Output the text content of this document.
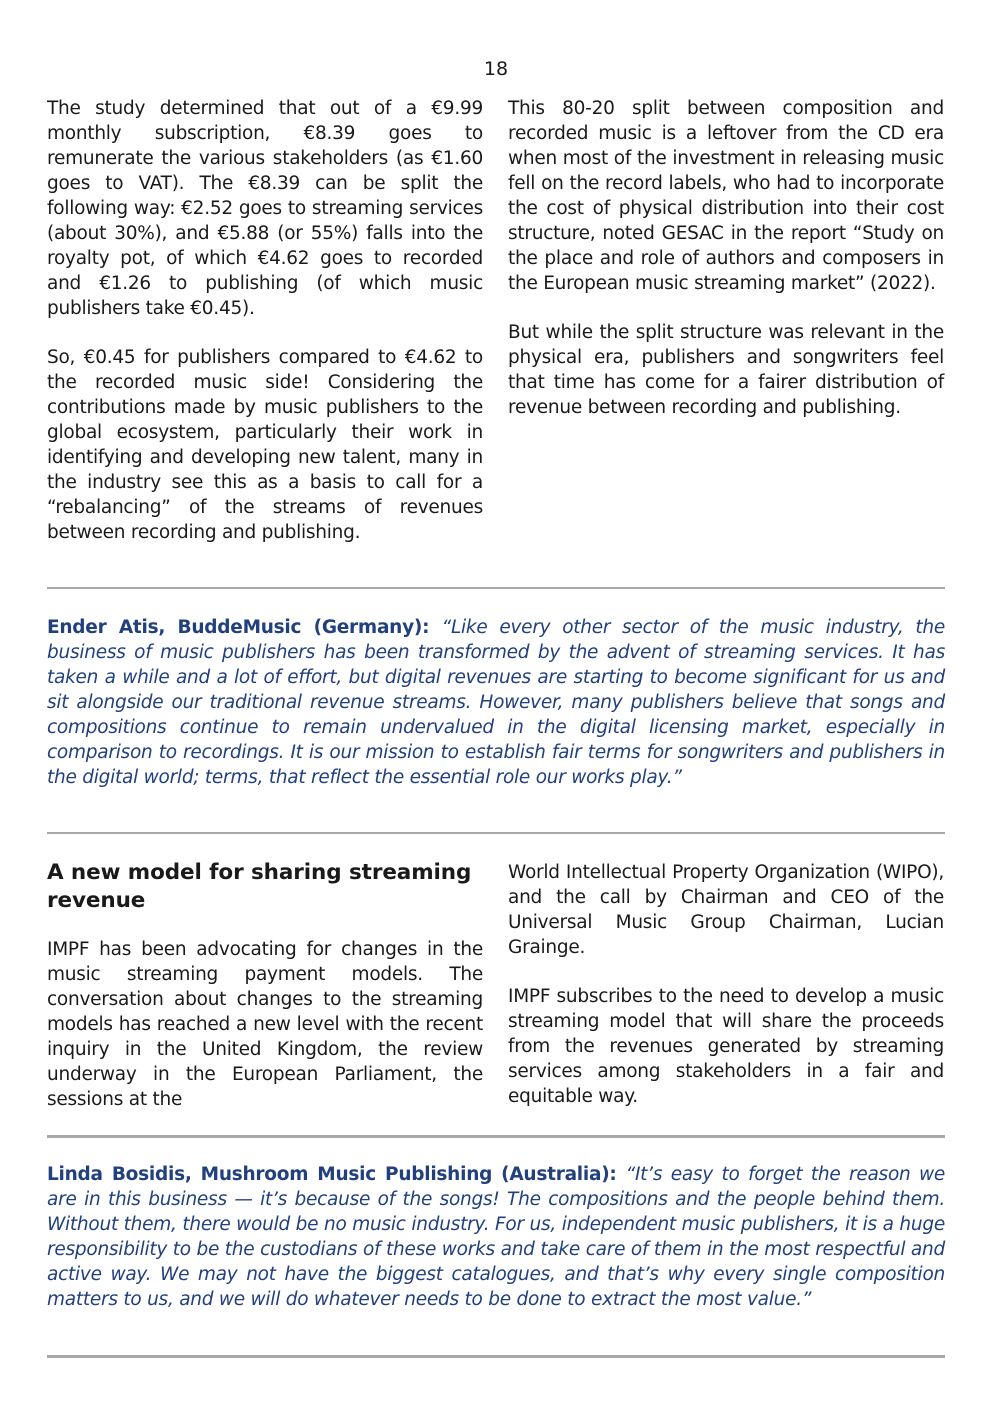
18

The study determined that out of a €9.99 monthly subscription, €8.39 goes to remunerate the various stakeholders (as €1.60 goes to VAT). The €8.39 can be split the following way: €2.52 goes to streaming services (about 30%), and €5.88 (or 55%) falls into the royalty pot, of which €4.62 goes to recorded and €1.26 to publishing (of which music publishers take €0.45).

So, €0.45 for publishers compared to €4.62 to the recorded music side! Considering the contributions made by music publishers to the global ecosystem, particularly their work in identifying and developing new talent, many in the industry see this as a basis to call for a “rebalancing” of the streams of revenues between recording and publishing.

This 80-20 split between composition and recorded music is a leftover from the CD era when most of the investment in releasing music fell on the record labels, who had to incorporate the cost of physical distribution into their cost structure, noted GESAC in the report “Study on the place and role of authors and composers in the European music streaming market” (2022).

But while the split structure was relevant in the physical era, publishers and songwriters feel that time has come for a fairer distribution of revenue between recording and publishing.

Ender Atis, BuddeMusic (Germany): “Like every other sector of the music industry, the business of music publishers has been transformed by the advent of streaming services. It has taken a while and a lot of effort, but digital revenues are starting to become significant for us and sit alongside our traditional revenue streams. However, many publishers believe that songs and compositions continue to remain undervalued in the digital licensing market, especially in comparison to recordings. It is our mission to establish fair terms for songwriters and publishers in the digital world; terms, that reflect the essential role our works play.”
A new model for sharing streaming revenue

IMPF has been advocating for changes in the music streaming payment models. The conversation about changes to the streaming models has reached a new level with the recent inquiry in the United Kingdom, the review underway in the European Parliament, the sessions at the

World Intellectual Property Organization (WIPO), and the call by Chairman and CEO of the Universal Music Group Chairman, Lucian Grainge.

IMPF subscribes to the need to develop a music streaming model that will share the proceeds from the revenues generated by streaming services among stakeholders in a fair and equitable way.

Linda Bosidis, Mushroom Music Publishing (Australia): “It’s easy to forget the reason we are in this business — it’s because of the songs! The compositions and the people behind them. Without them, there would be no music industry. For us, independent music publishers, it is a huge responsibility to be the custodians of these works and take care of them in the most respectful and active way. We may not have the biggest catalogues, and that’s why every single composition matters to us, and we will do whatever needs to be done to extract the most value.”
